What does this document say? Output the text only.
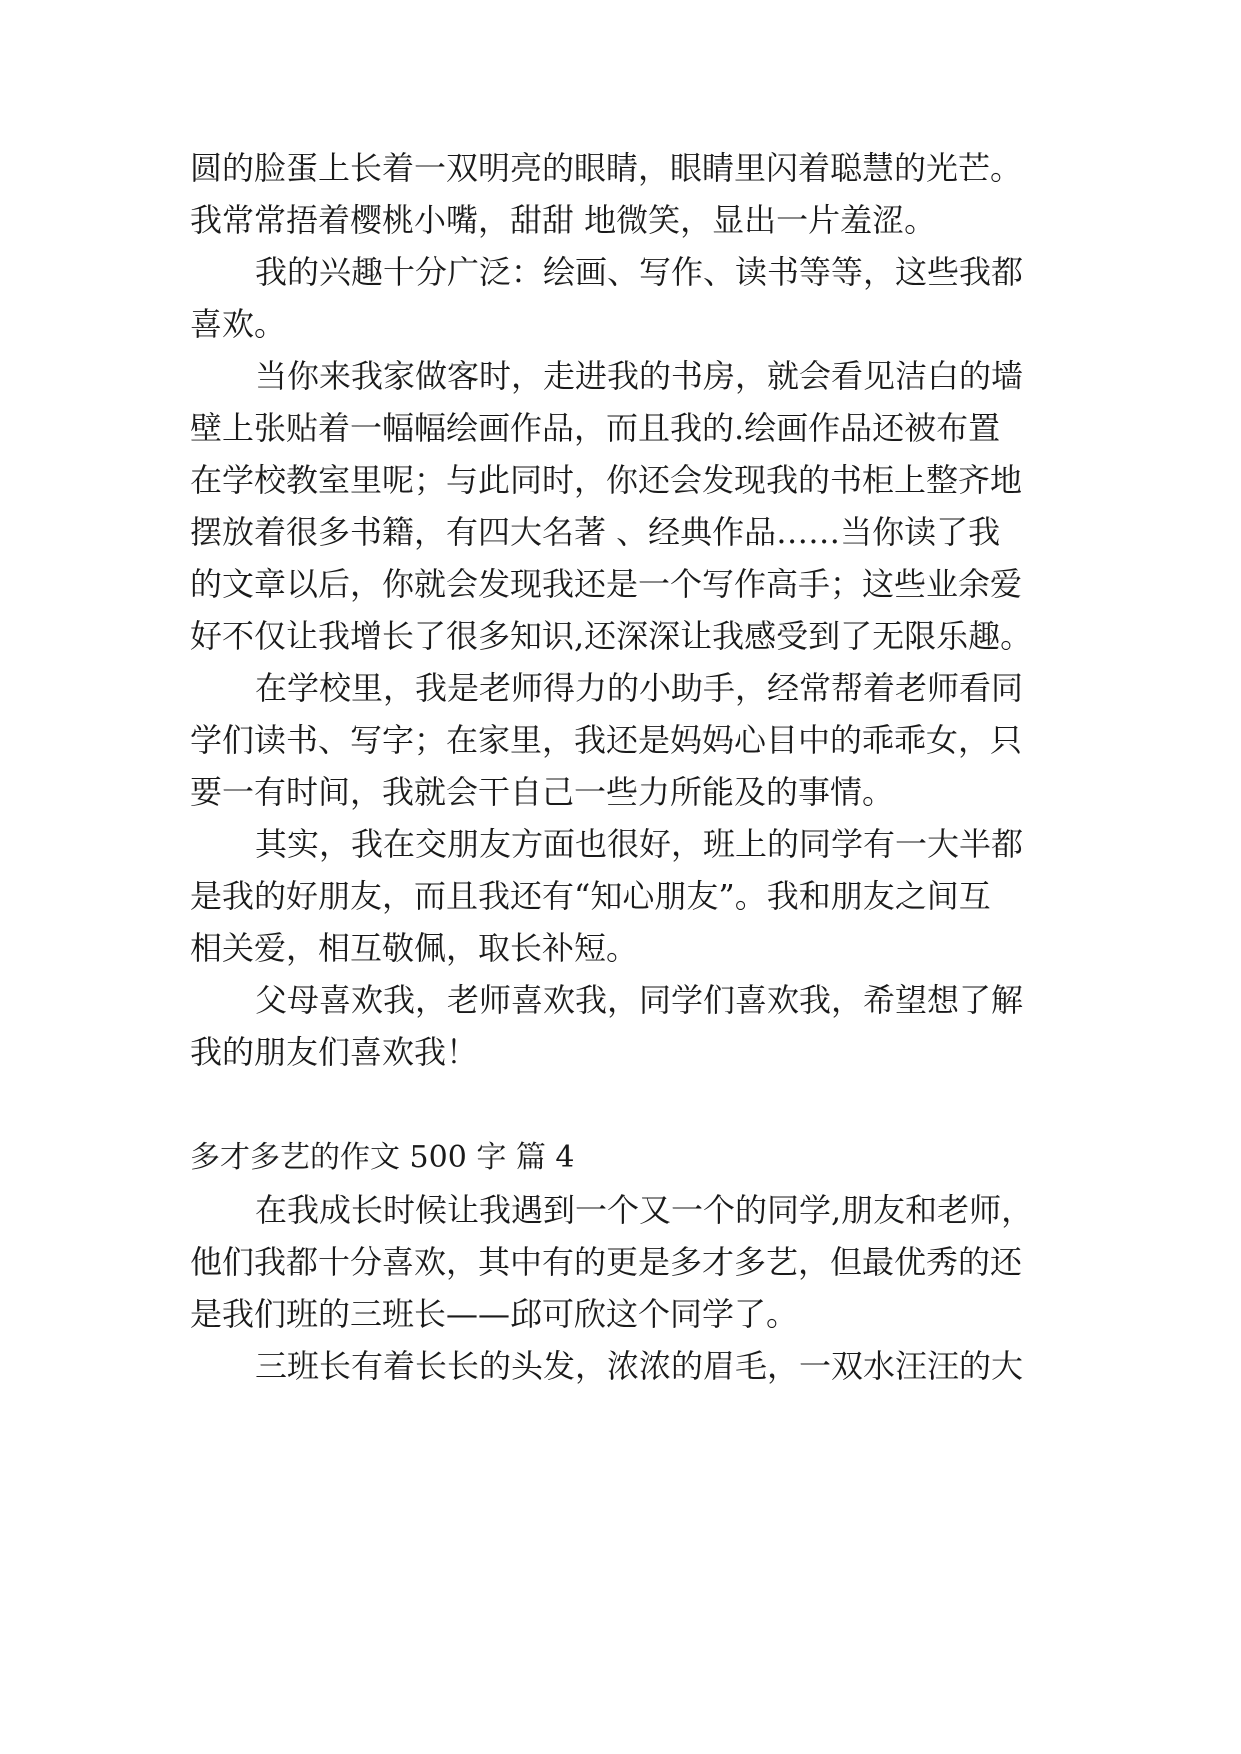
圆的脸蛋上长着一双明亮的眼睛，眼睛里闪着聪慧的光芒。
我常常捂着樱桃小嘴，甜甜 地微笑，显出一片羞涩。
我的兴趣十分广泛：绘画、写作、读书等等，这些我都
喜欢。
当你来我家做客时，走进我的书房，就会看见洁白的墙
壁上张贴着一幅幅绘画作品，而且我的.绘画作品还被布置
在学校教室里呢；与此同时，你还会发现我的书柜上整齐地
摆放着很多书籍，有四大名著 、经典作品……当你读了我
的文章以后，你就会发现我还是一个写作高手；这些业余爱
好不仅让我增长了很多知识,还深深让我感受到了无限乐趣。
在学校里，我是老师得力的小助手，经常帮着老师看同
学们读书、写字；在家里，我还是妈妈心目中的乖乖女，只
要一有时间，我就会干自己一些力所能及的事情。
其实，我在交朋友方面也很好，班上的同学有一大半都
是我的好朋友，而且我还有“知心朋友”。我和朋友之间互
相关爱，相互敬佩，取长补短。
父母喜欢我，老师喜欢我，同学们喜欢我，希望想了解
我的朋友们喜欢我！
多才多艺的作文 500 字 篇 4
在我成长时候让我遇到一个又一个的同学,朋友和老师，
他们我都十分喜欢，其中有的更是多才多艺，但最优秀的还
是我们班的三班长——邱可欣这个同学了。
三班长有着长长的头发，浓浓的眉毛，一双水汪汪的大
